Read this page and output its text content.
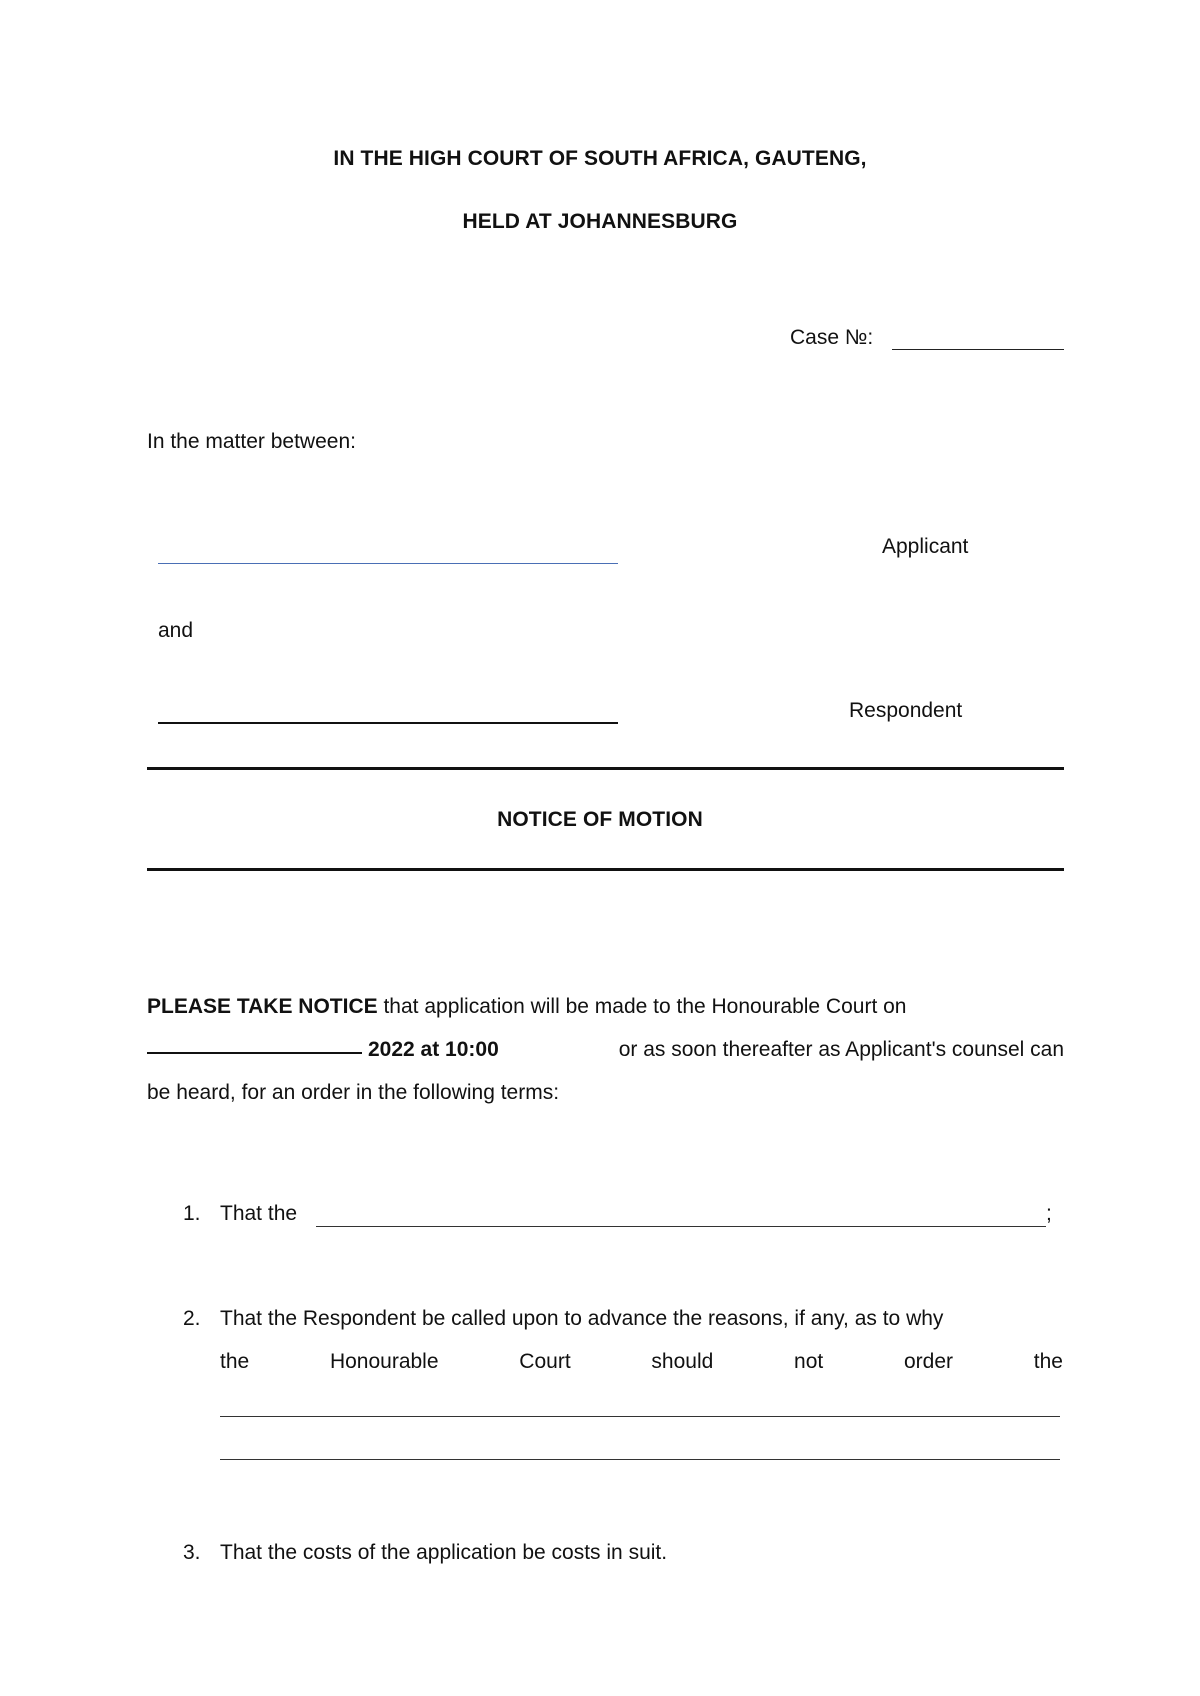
IN THE HIGH COURT OF SOUTH AFRICA, GAUTENG,
HELD AT JOHANNESBURG
Case №:
In the matter between:
Applicant
and
Respondent
NOTICE OF MOTION
PLEASE TAKE NOTICE that application will be made to the Honourable Court on
2022 at 10:00	or as soon thereafter as Applicant's counsel can
be heard, for an order in the following terms:
1. That the	;
2. That the Respondent be called upon to advance the reasons, if any, as to why
the	Honourable	Court	should	not	order	the
3. That the costs of the application be costs in suit.
